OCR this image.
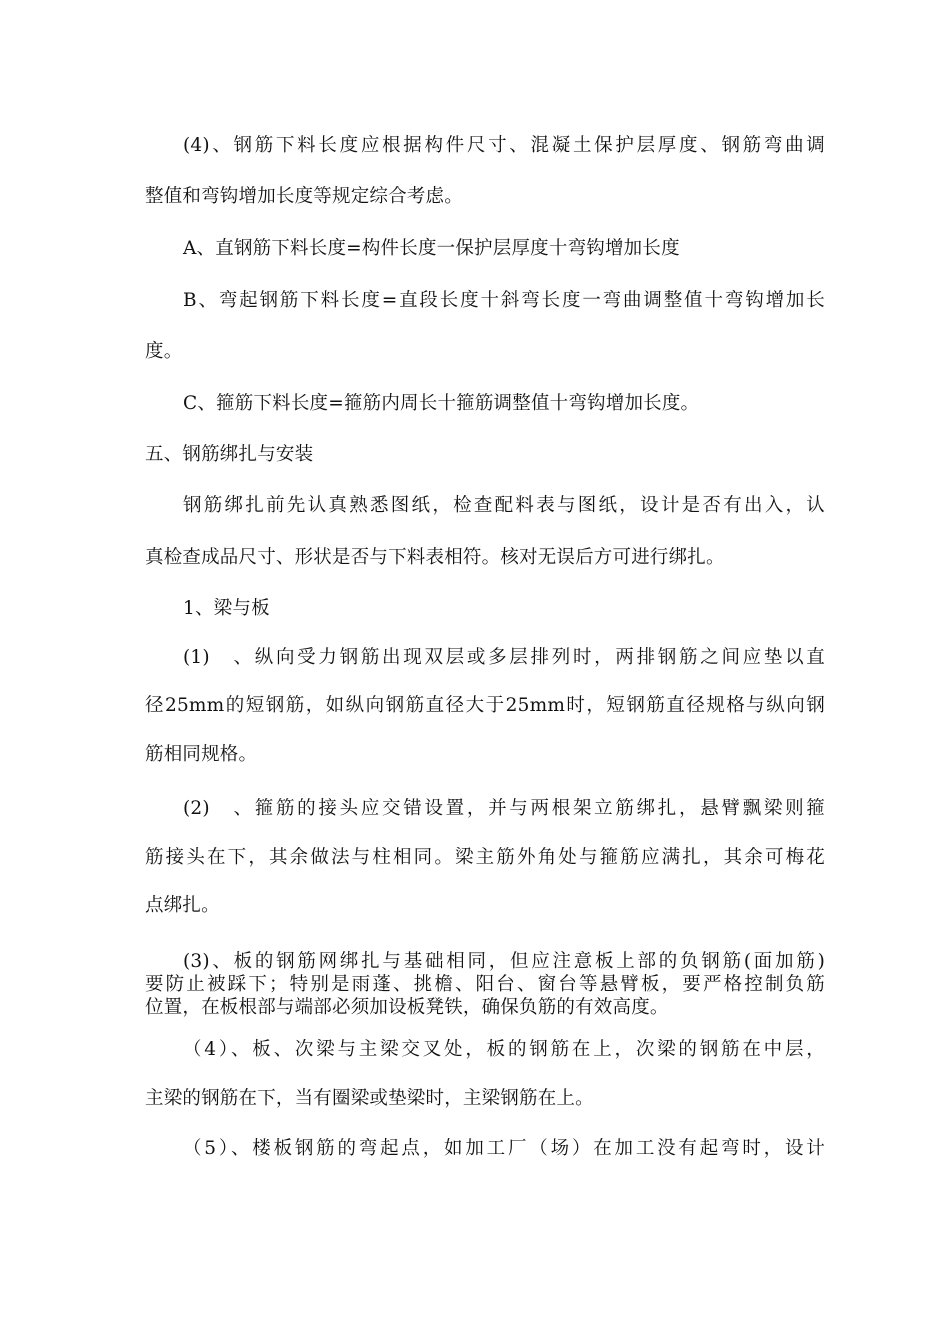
(4)、钢筋下料长度应根据构件尺寸、混凝土保护层厚度、钢筋弯曲调
整值和弯钩增加长度等规定综合考虑。
A、直钢筋下料长度=构件长度一保护层厚度十弯钩增加长度
B、弯起钢筋下料长度=直段长度十斜弯长度一弯曲调整值十弯钩增加长
度。
C、箍筋下料长度=箍筋内周长十箍筋调整值十弯钩增加长度。
五、钢筋绑扎与安装
钢筋绑扎前先认真熟悉图纸，检查配料表与图纸，设计是否有出入，认
真检查成品尺寸、形状是否与下料表相符。核对无误后方可进行绑扎。
1、梁与板
(1)　、纵向受力钢筋出现双层或多层排列时，两排钢筋之间应垫以直
径25mm的短钢筋，如纵向钢筋直径大于25mm时，短钢筋直径规格与纵向钢
筋相同规格。
(2)　、箍筋的接头应交错设置，并与两根架立筋绑扎，悬臂飘梁则箍
筋接头在下，其余做法与柱相同。梁主筋外角处与箍筋应满扎，其余可梅花
点绑扎。
(3)、板的钢筋网绑扎与基础相同，但应注意板上部的负钢筋(面加筋)
要防止被踩下；特别是雨蓬、挑檐、阳台、窗台等悬臂板，要严格控制负筋
位置，在板根部与端部必须加设板凳铁，确保负筋的有效高度。
（4）、板、次梁与主梁交叉处，板的钢筋在上，次梁的钢筋在中层，
主梁的钢筋在下，当有圈梁或垫梁时，主梁钢筋在上。
（5）、楼板钢筋的弯起点，如加工厂（场）在加工没有起弯时，设计
